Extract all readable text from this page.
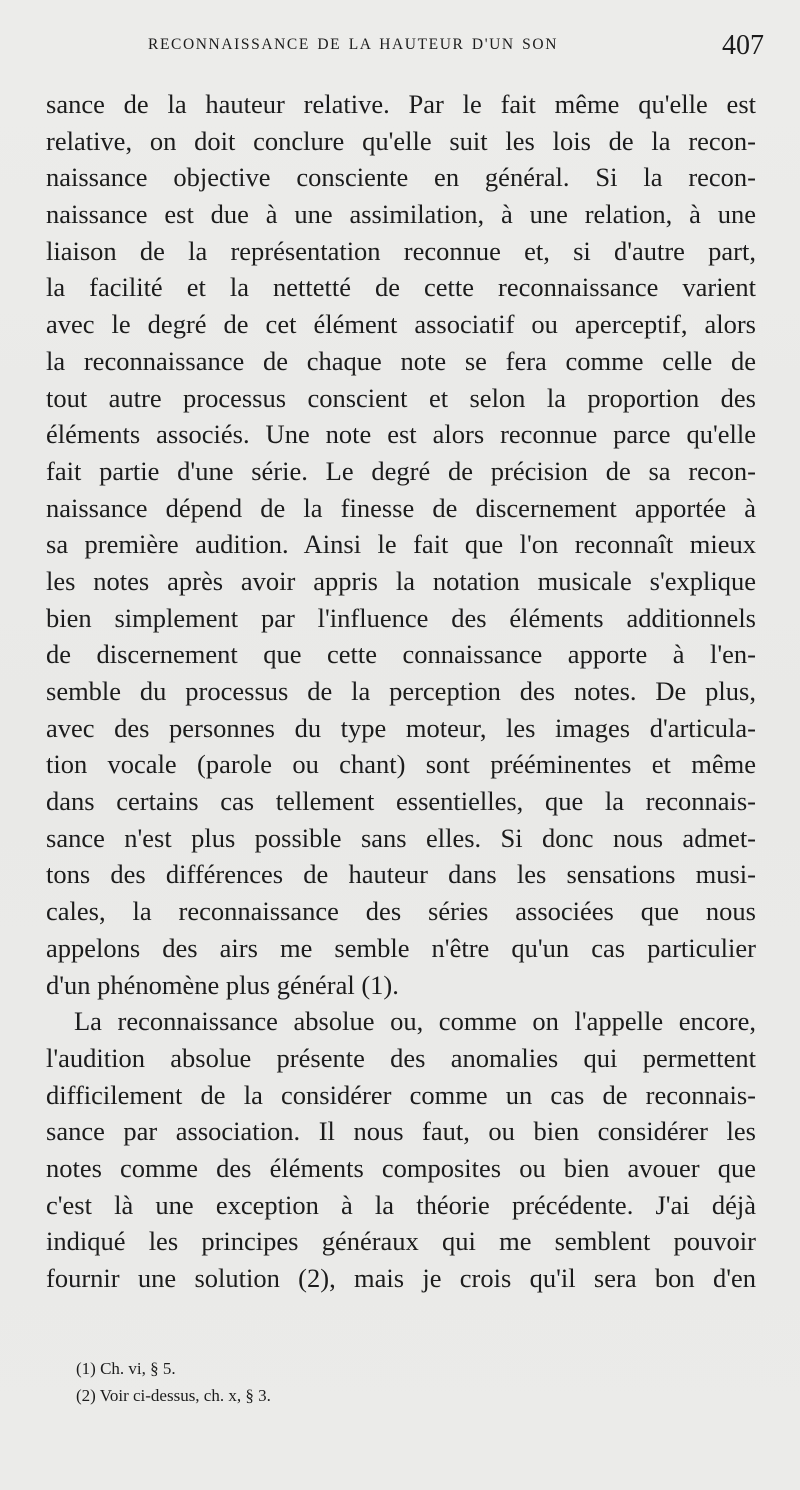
RECONNAISSANCE DE LA HAUTEUR D'UN SON	407
sance de la hauteur relative. Par le fait même qu'elle est
relative, on doit conclure qu'elle suit les lois de la recon-
naissance objective consciente en général. Si la recon-
naissance est due à une assimilation, à une relation, à une
liaison de la représentation reconnue et, si d'autre part,
la facilité et la nettetté de cette reconnaissance varient
avec le degré de cet élément associatif ou aperceptif, alors
la reconnaissance de chaque note se fera comme celle de
tout autre processus conscient et selon la proportion des
éléments associés. Une note est alors reconnue parce qu'elle
fait partie d'une série. Le degré de précision de sa recon-
naissance dépend de la finesse de discernement apportée à
sa première audition. Ainsi le fait que l'on reconnaît mieux
les notes après avoir appris la notation musicale s'explique
bien simplement par l'influence des éléments additionnels
de discernement que cette connaissance apporte à l'en-
semble du processus de la perception des notes. De plus,
avec des personnes du type moteur, les images d'articula-
tion vocale (parole ou chant) sont prééminentes et même
dans certains cas tellement essentielles, que la reconnais-
sance n'est plus possible sans elles. Si donc nous admet-
tons des différences de hauteur dans les sensations musi-
cales, la reconnaissance des séries associées que nous
appelons des airs me semble n'être qu'un cas particulier
d'un phénomène plus général (1).
La reconnaissance absolue ou, comme on l'appelle encore,
l'audition absolue présente des anomalies qui permettent
difficilement de la considérer comme un cas de reconnais-
sance par association. Il nous faut, ou bien considérer les
notes comme des éléments composites ou bien avouer que
c'est là une exception à la théorie précédente. J'ai déjà
indiqué les principes généraux qui me semblent pouvoir
fournir une solution (2), mais je crois qu'il sera bon d'en
(1) Ch. vi, § 5.
(2) Voir ci-dessus, ch. x, § 3.
